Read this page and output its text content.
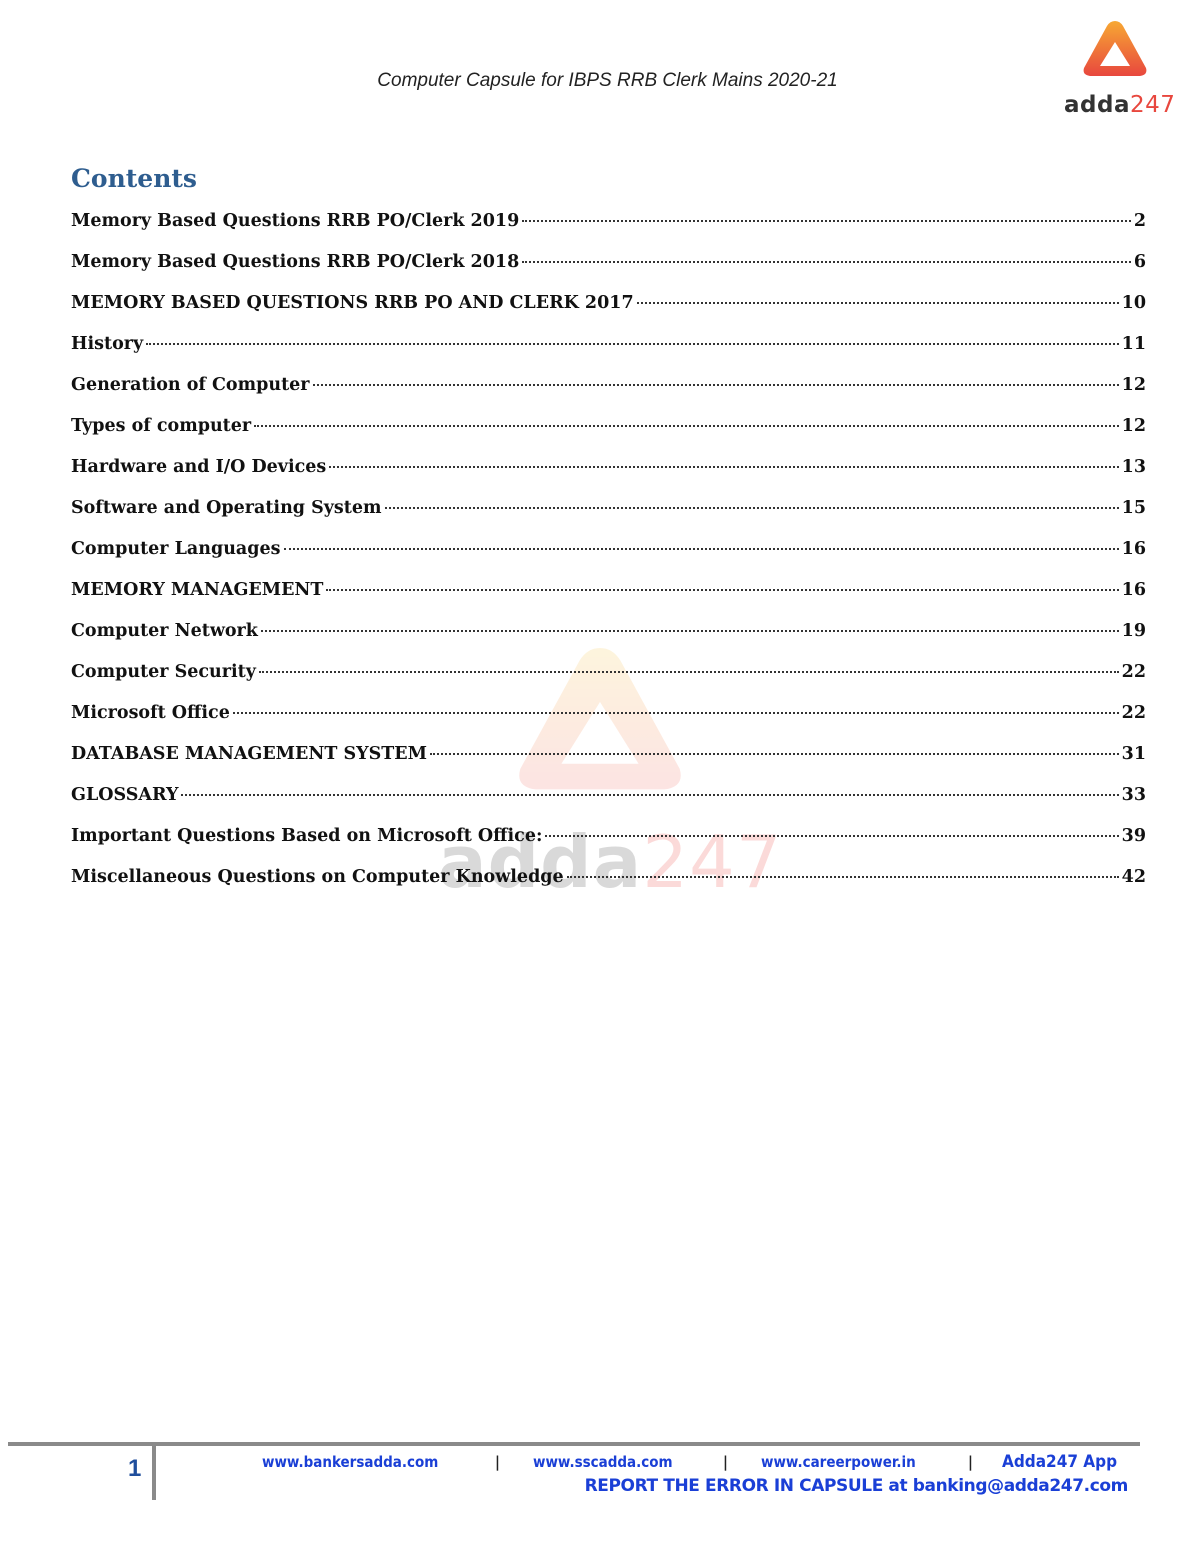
Computer Capsule for IBPS RRB Clerk Mains 2020-21
adda247
adda247
Contents
Memory Based Questions RRB PO/Clerk 2019	2
Memory Based Questions RRB PO/Clerk 2018	6
MEMORY BASED QUESTIONS RRB PO AND CLERK 2017	10
History	11
Generation of Computer	12
Types of computer	12
Hardware and I/O Devices	13
Software and Operating System	15
Computer Languages	16
MEMORY MANAGEMENT	16
Computer Network	19
Computer Security	22
Microsoft Office	22
DATABASE MANAGEMENT SYSTEM	31
GLOSSARY	33
Important Questions Based on Microsoft Office:	39
Miscellaneous Questions on Computer Knowledge	42
1	www.bankersadda.com	|	www.sscadda.com	|	www.careerpower.in	|	Adda247 App
REPORT THE ERROR IN CAPSULE at banking@adda247.com
